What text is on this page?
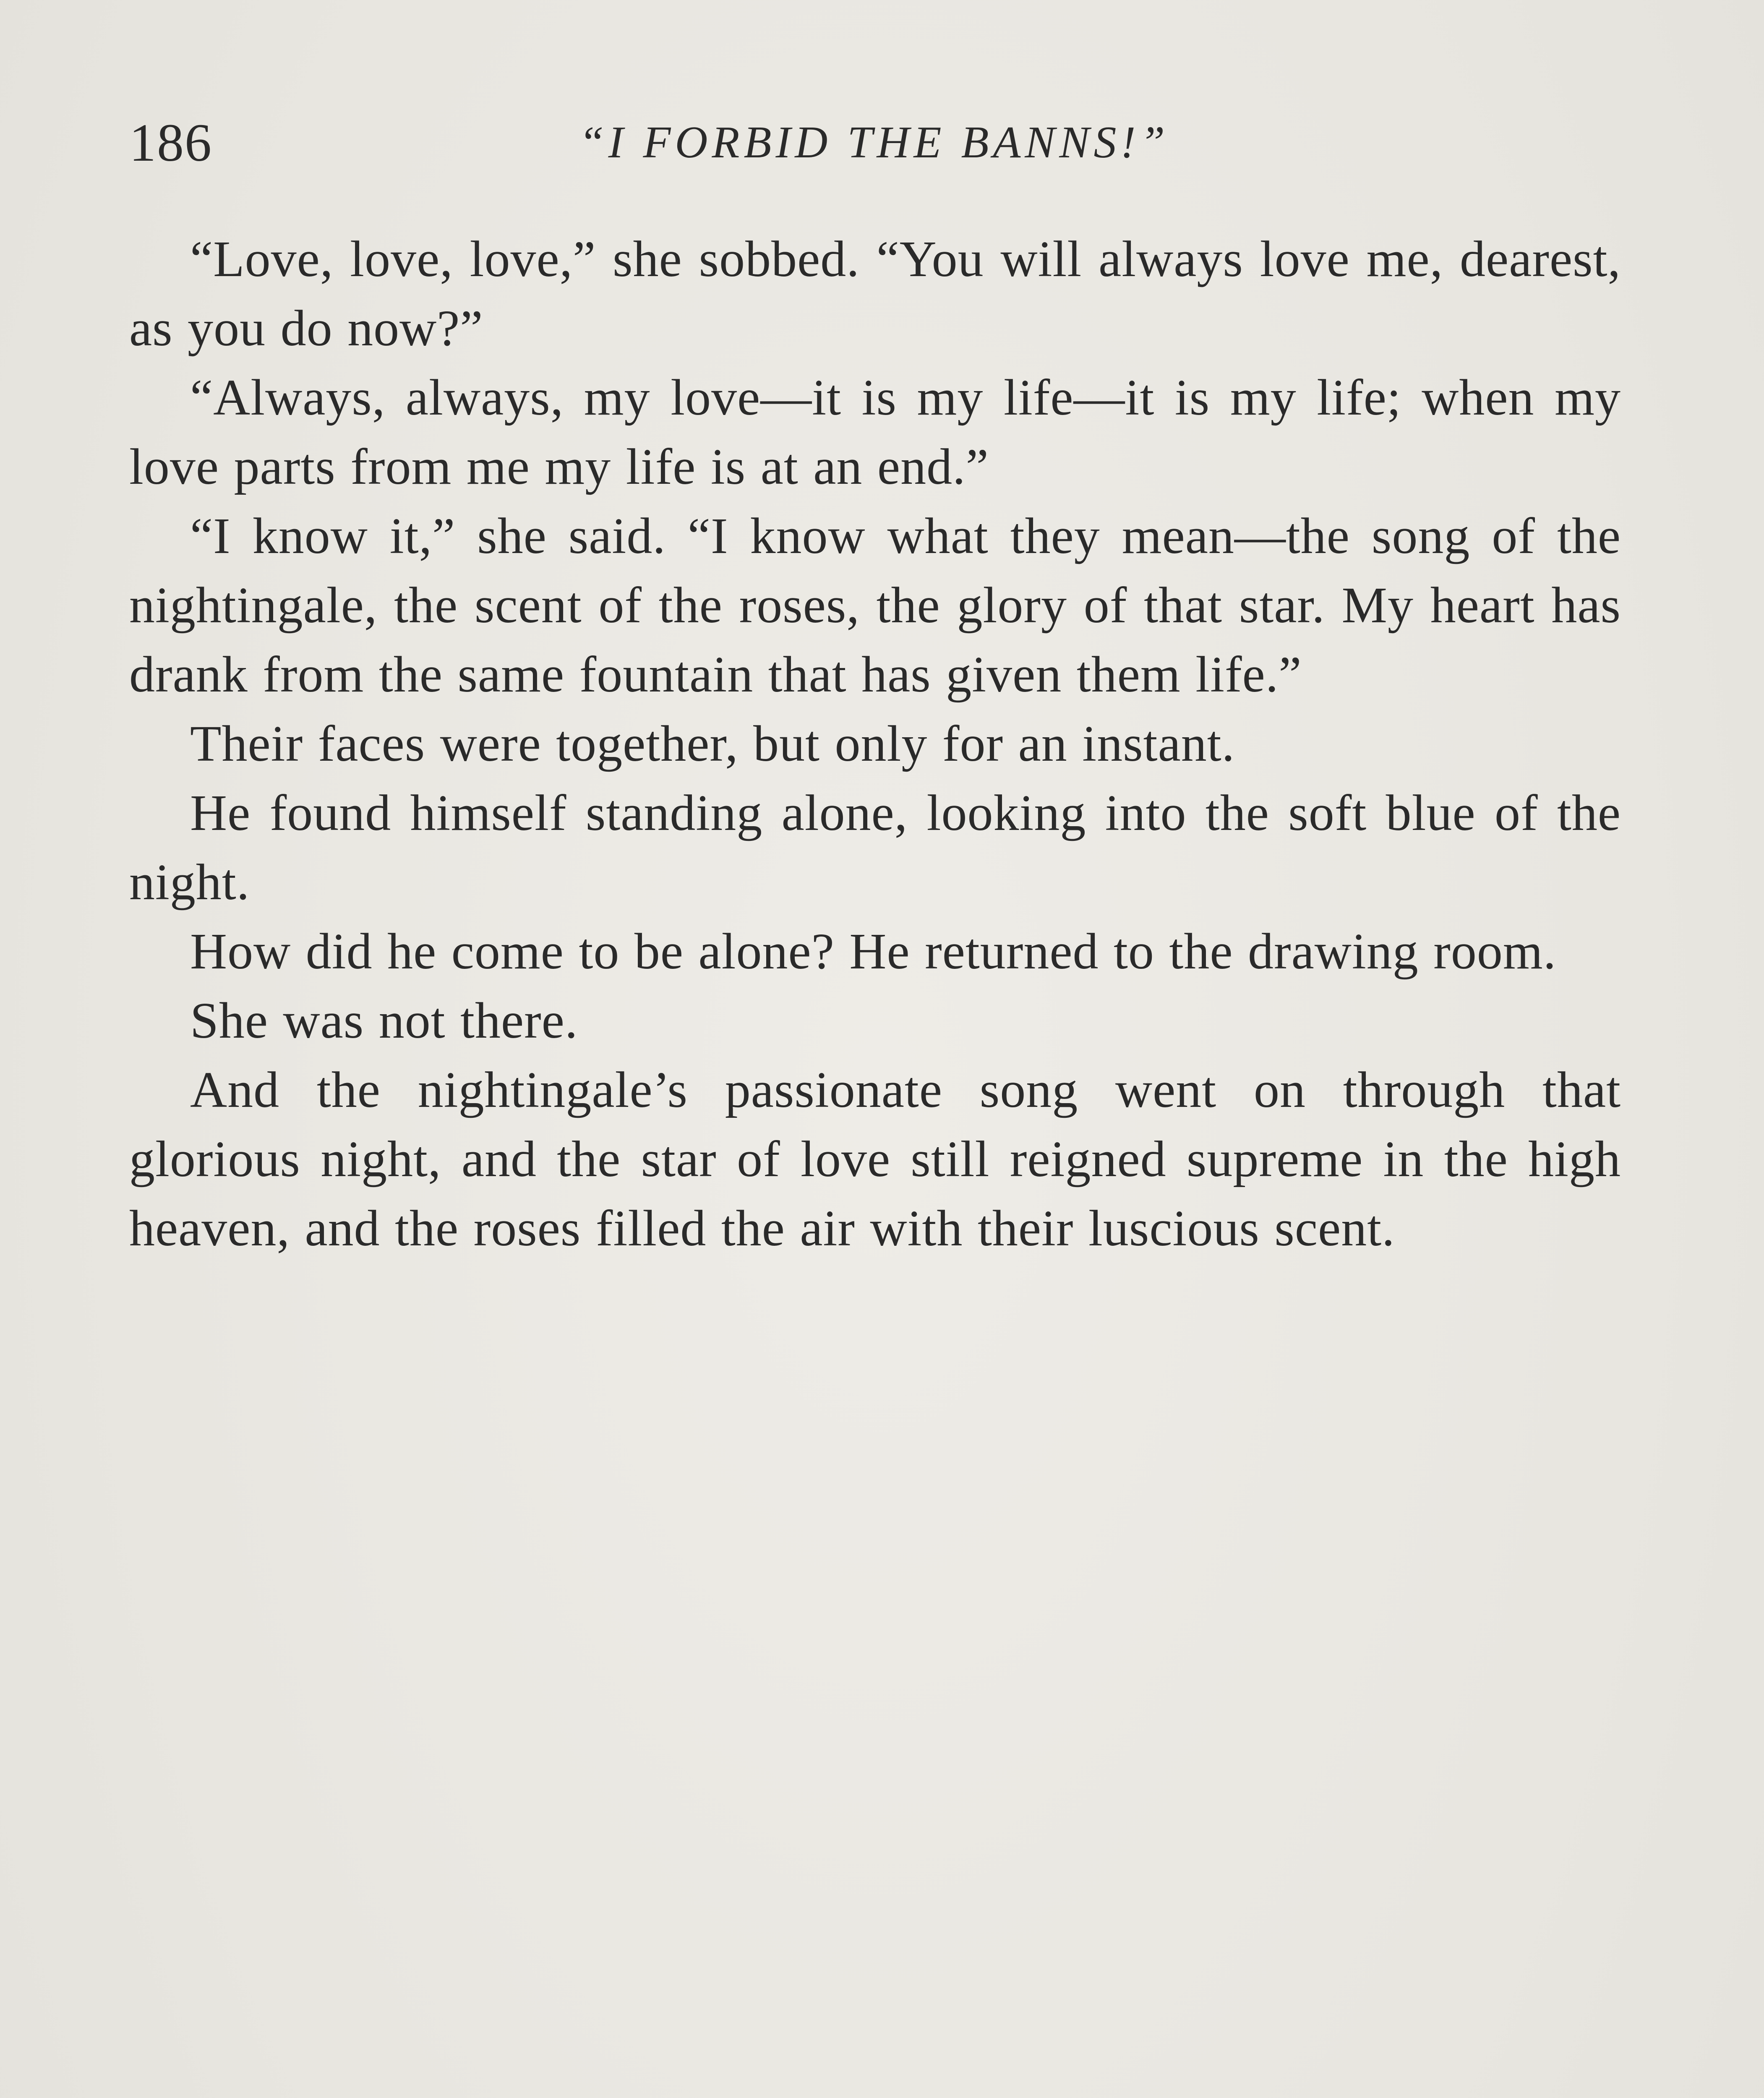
186	“I FORBID THE BANNS!”

“Love, love, love,” she sobbed. “You will always love me, dearest, as you do now?”

“Always, always, my love—it is my life—it is my life; when my love parts from me my life is at an end.”

“I know it,” she said. “I know what they mean—the song of the nightingale, the scent of the roses, the glory of that star. My heart has drank from the same fountain that has given them life.”

Their faces were together, but only for an instant.

He found himself standing alone, looking into the soft blue of the night.

How did he come to be alone? He returned to the drawing room.

She was not there.

And the nightingale’s passionate song went on through that glorious night, and the star of love still reigned supreme in the high heaven, and the roses filled the air with their luscious scent.
